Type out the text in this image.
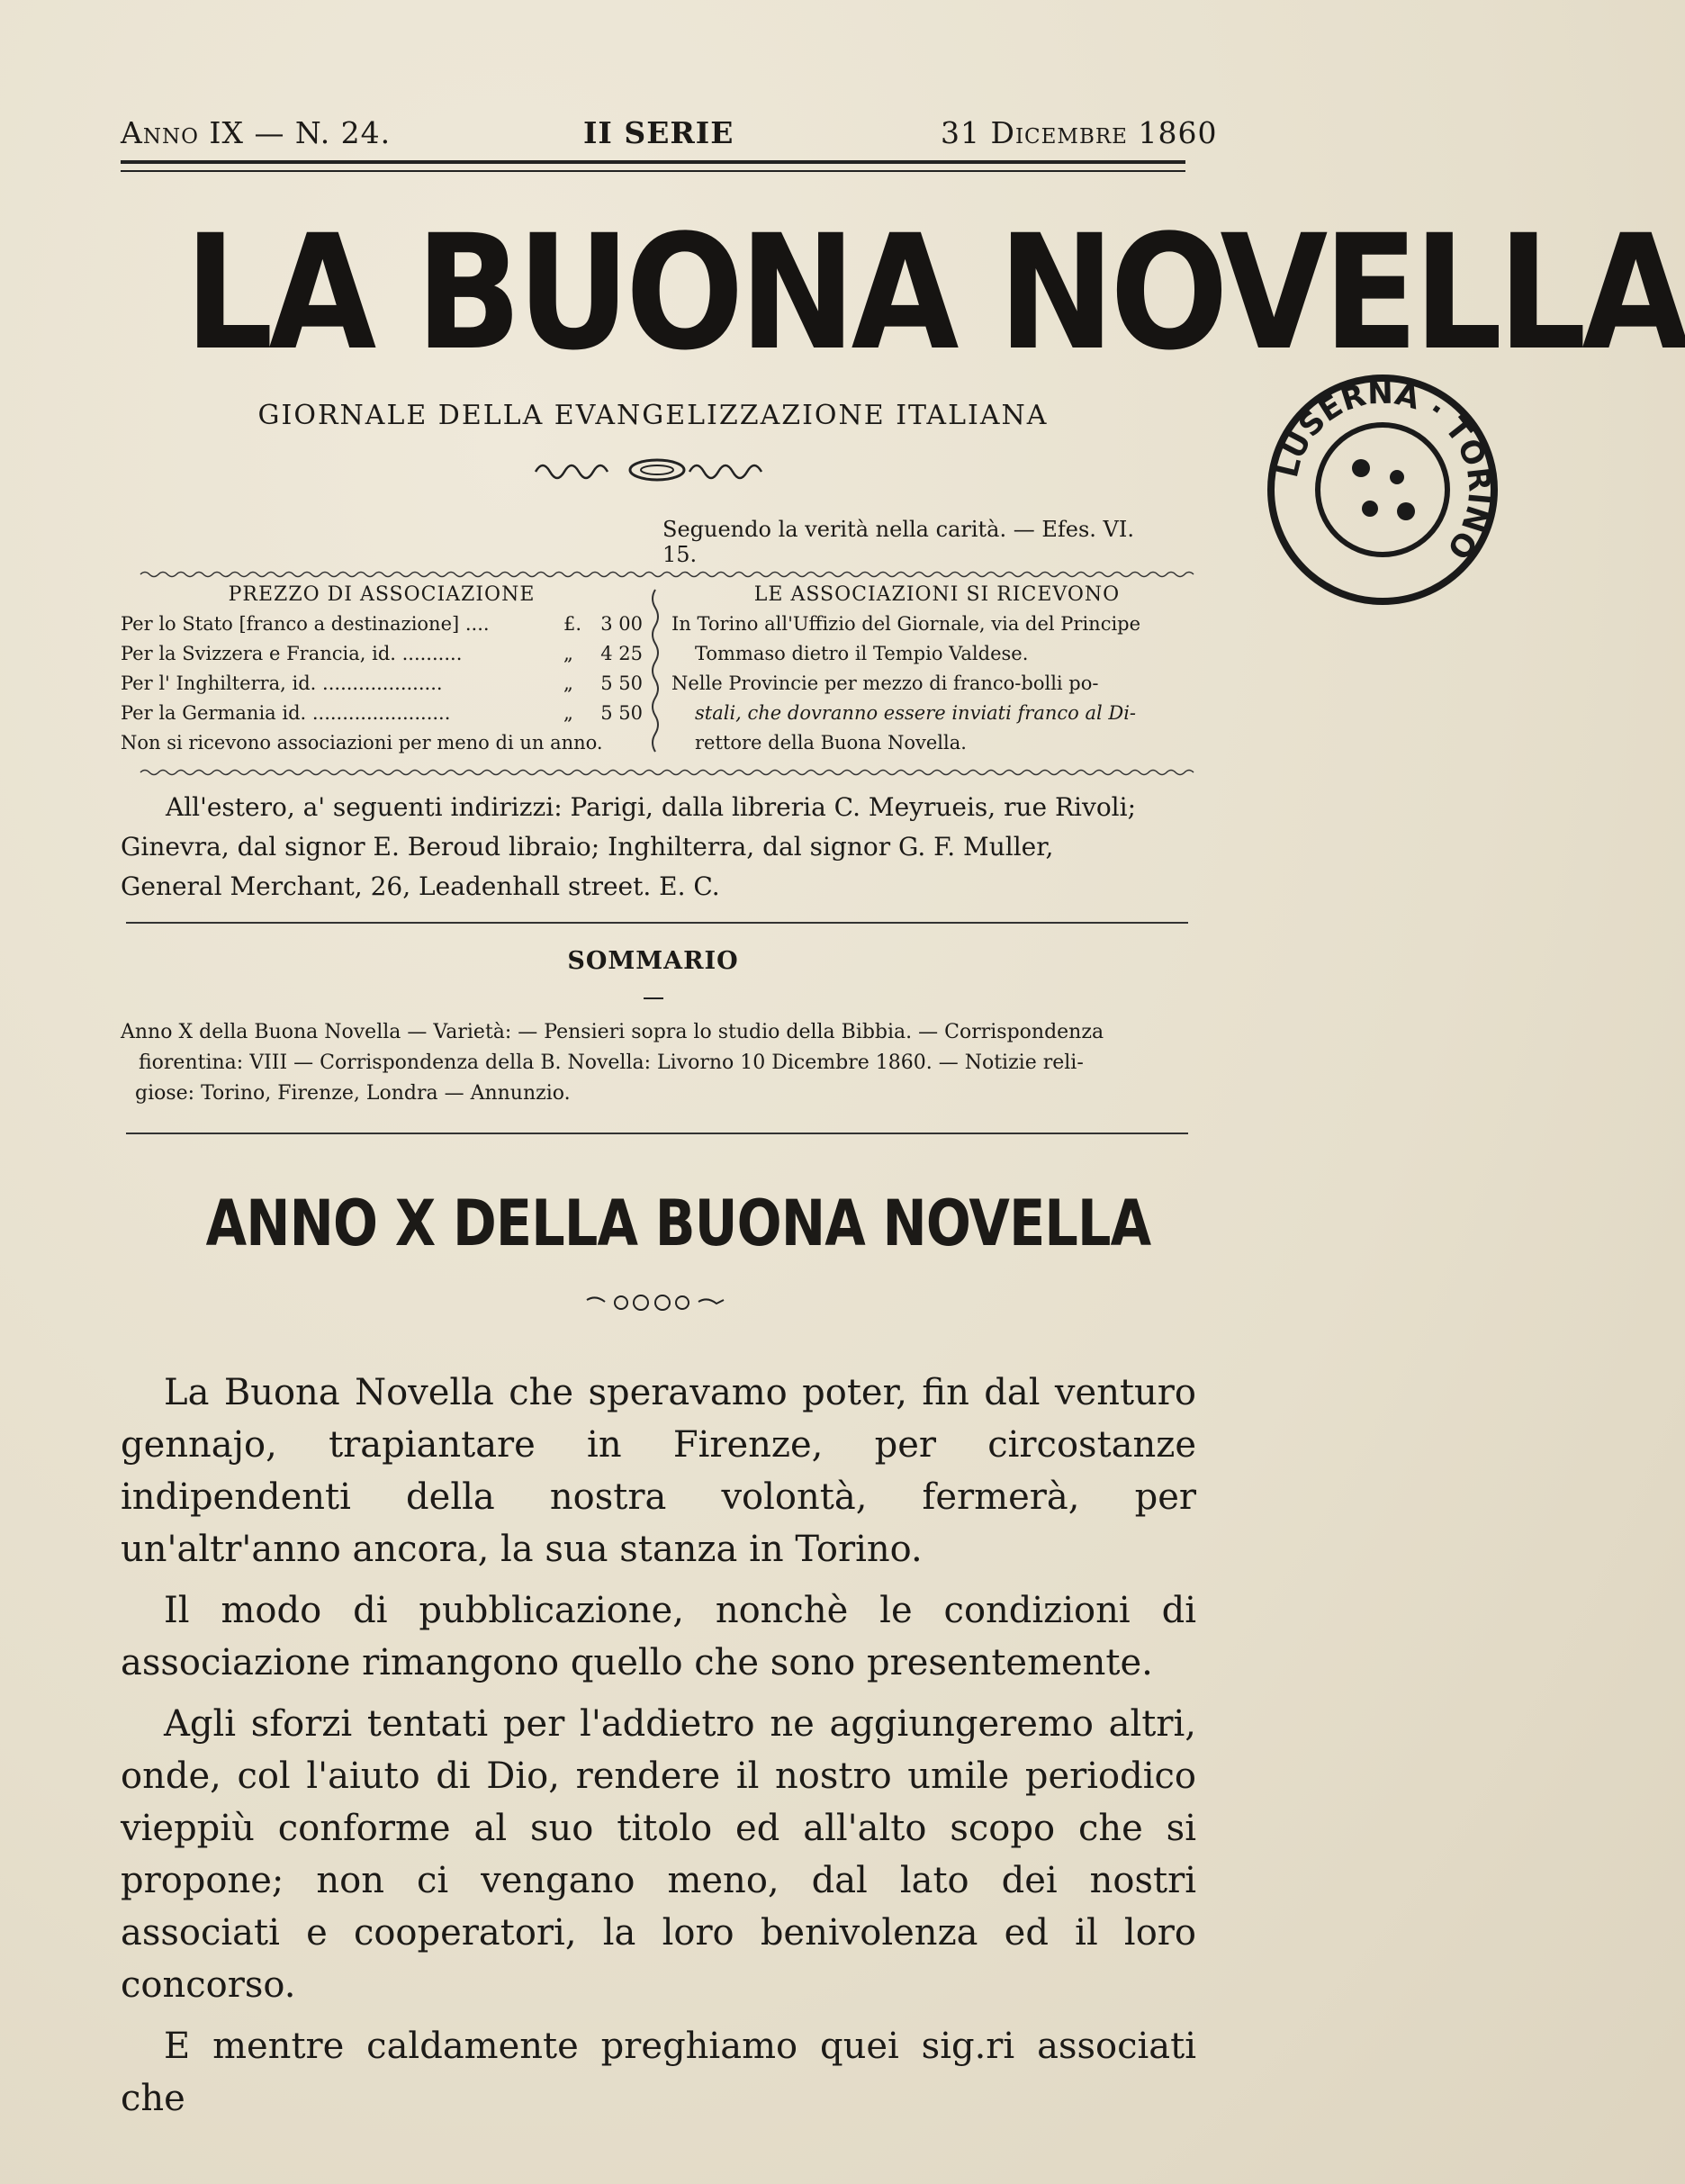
Anno IX — N. 24.	II SERIE	31 Dicembre 1860
LA BUONA NOVELLA
GIORNALE DELLA EVANGELIZZAZIONE ITALIANA
Seguendo la verità nella carità. — Efes. VI. 15.
PREZZO DI ASSOCIAZIONE
Per lo Stato [franco a destinazione] ....	£.	3 00
Per la Svizzera e Francia, id. ..........	„	4 25
Per l' Inghilterra, id. ....................	„	5 50
Per la Germania id. .......................	„	5 50
Non si ricevono associazioni per meno di un anno.
LE ASSOCIAZIONI SI RICEVONO
In Torino all'Uffizio del Giornale, via del Principe
Tommaso dietro il Tempio Valdese.
Nelle Provincie per mezzo di franco-bolli po-
stali, che dovranno essere inviati franco al Di-
rettore della Buona Novella.
All'estero, a' seguenti indirizzi: Parigi, dalla libreria C. Meyrueis, rue Rivoli;
Ginevra, dal signor E. Beroud libraio; Inghilterra, dal signor G. F. Muller,
General Merchant, 26, Leadenhall street. E. C.
SOMMARIO
Anno X della Buona Novella — Varietà: — Pensieri sopra lo studio della Bibbia. — Corrispondenza
fiorentina: VIII — Corrispondenza della B. Novella: Livorno 10 Dicembre 1860. — Notizie reli-
giose: Torino, Firenze, Londra — Annunzio.
ANNO X DELLA BUONA NOVELLA

La Buona Novella che speravamo poter, fin dal venturo gennajo, trapiantare in Firenze, per circostanze indipendenti della nostra volontà, fermerà, per un'altr'anno ancora, la sua stanza in Torino.

Il modo di pubblicazione, nonchè le condizioni di associazione rimangono quello che sono presentemente.

Agli sforzi tentati per l'addietro ne aggiungeremo altri, onde, col l'aiuto di Dio, rendere il nostro umile periodico vieppiù conforme al suo titolo ed all'alto scopo che si propone; non ci vengano meno, dal lato dei nostri associati e cooperatori, la loro benivolenza ed il loro concorso.

E mentre caldamente preghiamo quei sig.ri associati che

LUSERNA · TORINO
